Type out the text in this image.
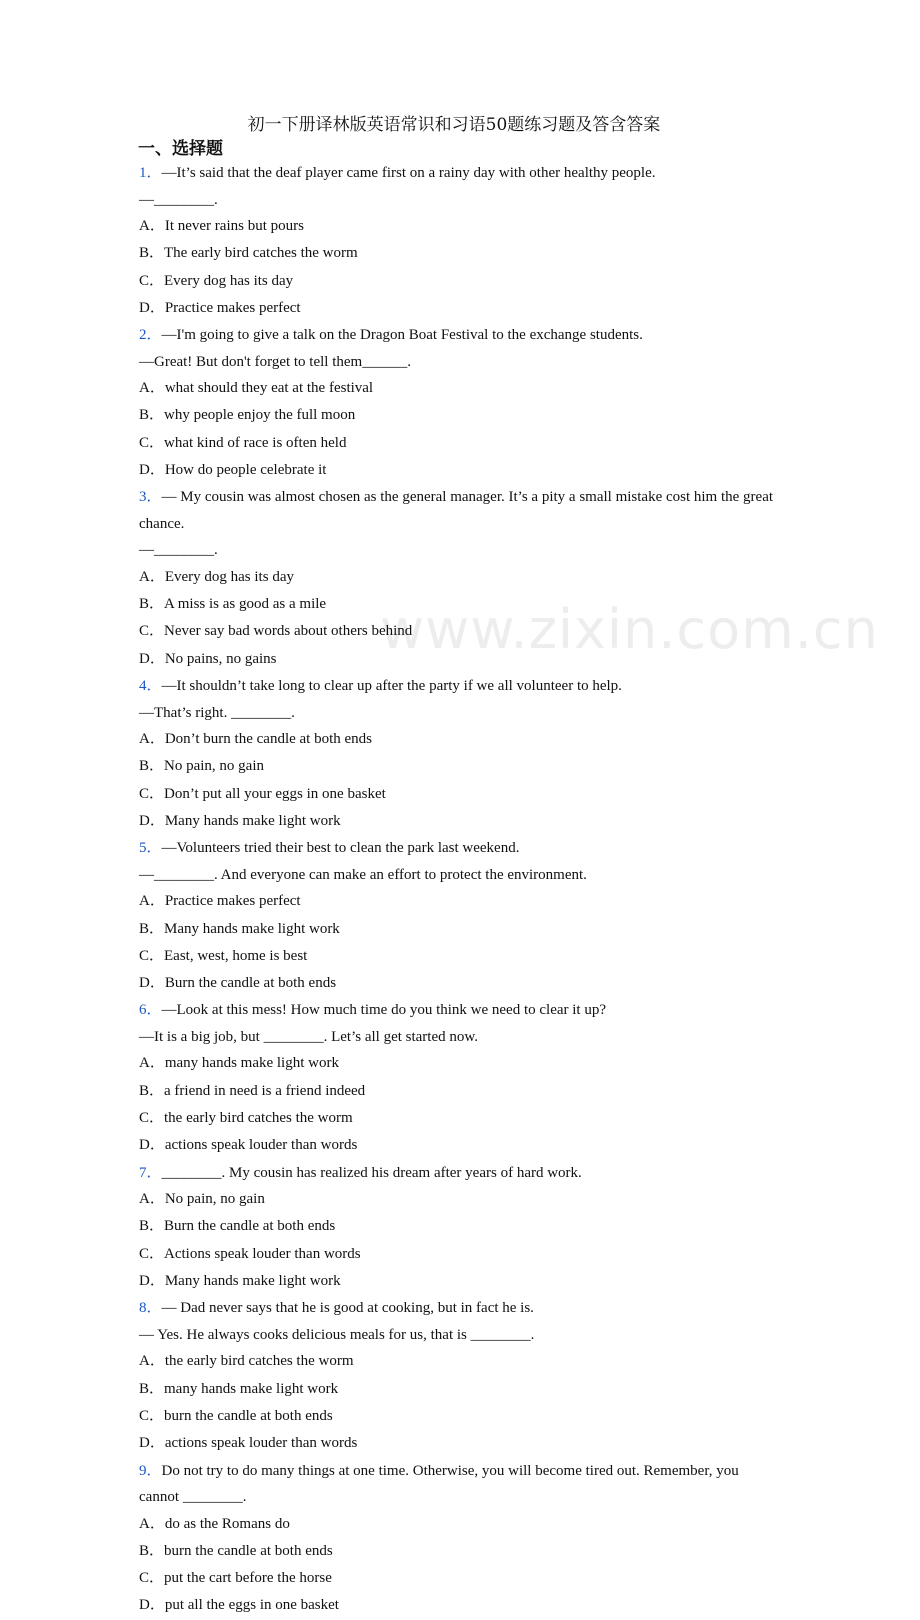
www.zixin.com.cn
初一下册译林版英语常识和习语50题练习题及答含答案
一、选择题
1．—It’s said that the deaf player came first on a rainy day with other healthy people.
—________.
A．It never rains but pours
B．The early bird catches the worm
C．Every dog has its day
D．Practice makes perfect
2．—I'm going to give a talk on the Dragon Boat Festival to the exchange students.
—Great! But don't forget to tell them______.
A．what should they eat at the festival
B．why people enjoy the full moon
C．what kind of race is often held
D．How do people celebrate it
3．— My cousin was almost chosen as the general manager. It’s a pity a small mistake cost him the great chance.
—________.
A．Every dog has its day
B．A miss is as good as a mile
C．Never say bad words about others behind
D．No pains, no gains
4．—It shouldn’t take long to clear up after the party if we all volunteer to help.
—That’s right. ________.
A．Don’t burn the candle at both ends
B．No pain, no gain
C．Don’t put all your eggs in one basket
D．Many hands make light work
5．—Volunteers tried their best to clean the park last weekend.
—________. And everyone can make an effort to protect the environment.
A．Practice makes perfect
B．Many hands make light work
C．East, west, home is best
D．Burn the candle at both ends
6．—Look at this mess! How much time do you think we need to clear it up?
—It is a big job, but ________. Let’s all get started now.
A．many hands make light work
B．a friend in need is a friend indeed
C．the early bird catches the worm
D．actions speak louder than words
7．________. My cousin has realized his dream after years of hard work.
A．No pain, no gain
B．Burn the candle at both ends
C．Actions speak louder than words
D．Many hands make light work
8．— Dad never says that he is good at cooking, but in fact he is.
— Yes. He always cooks delicious meals for us, that is ________.
A．the early bird catches the worm
B．many hands make light work
C．burn the candle at both ends
D．actions speak louder than words
9．Do not try to do many things at one time. Otherwise, you will become tired out. Remember, you cannot ________.
A．do as the Romans do
B．burn the candle at both ends
C．put the cart before the horse
D．put all the eggs in one basket
